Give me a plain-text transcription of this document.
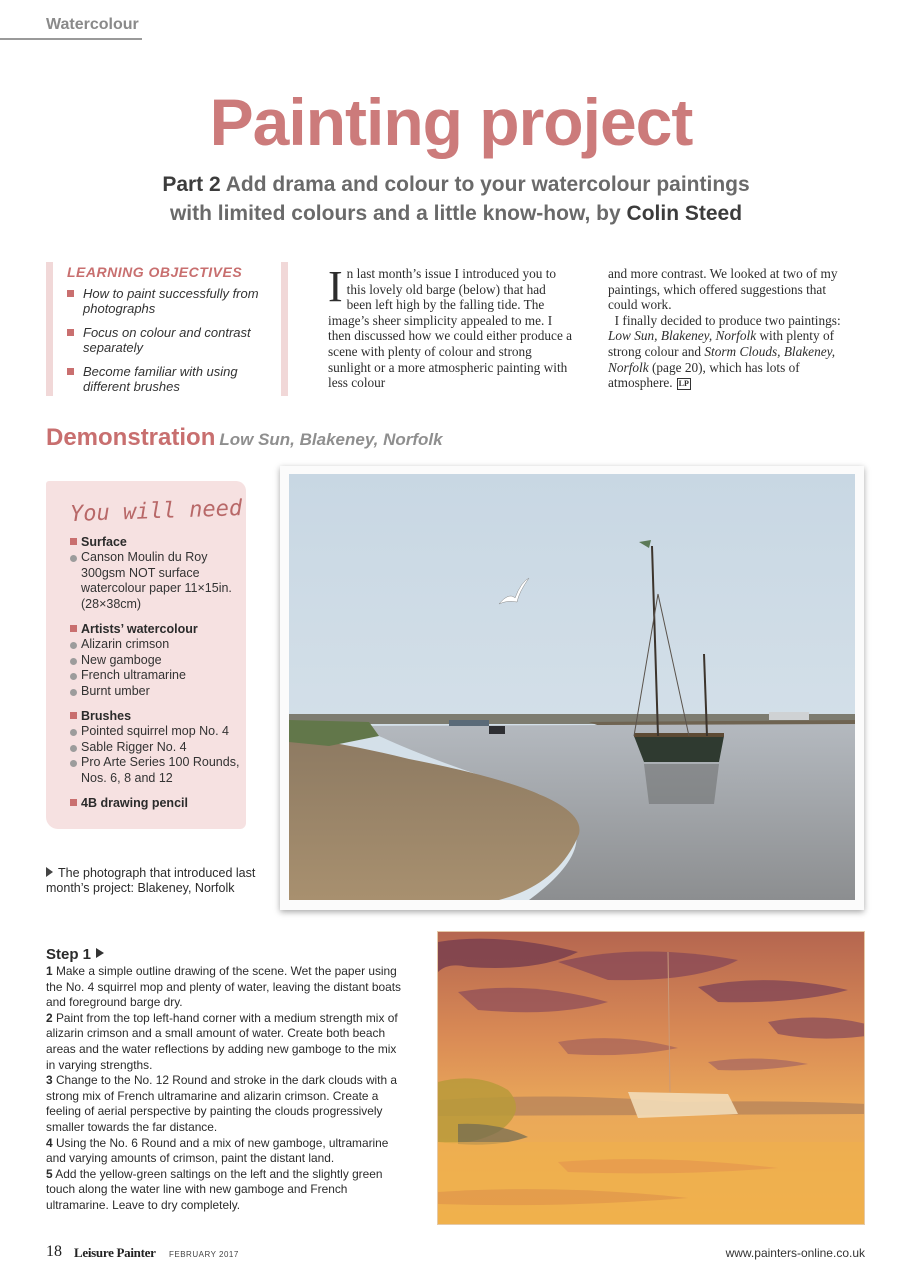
Watercolour
Painting project
Part 2 Add drama and colour to your watercolour paintings
with limited colours and a little know-how, by Colin Steed
LEARNING OBJECTIVES
How to paint successfully from photographs
Focus on colour and contrast separately
Become familiar with using different brushes
In last month’s issue I introduced you to this lovely old barge (below) that had been left high by the falling tide. The image’s sheer simplicity appealed to me. I then discussed how we could either produce a scene with plenty of colour and strong sunlight or a more atmospheric painting with less colour
and more contrast. We looked at two of my paintings, which offered suggestions that could work.
I finally decided to produce two paintings: Low Sun, Blakeney, Norfolk with plenty of strong colour and Storm Clouds, Blakeney, Norfolk (page 20), which has lots of atmosphere. LP
Demonstration Low Sun, Blakeney, Norfolk
You will need
Surface
Canson Moulin du Roy 300gsm NOT surface watercolour paper 11×15in. (28×38cm)
Artists’ watercolour
Alizarin crimson
New gamboge
French ultramarine
Burnt umber
Brushes
Pointed squirrel mop No. 4
Sable Rigger No. 4
Pro Arte Series 100 Rounds, Nos. 6, 8 and 12
4B drawing pencil
The photograph that introduced last month’s project: Blakeney, Norfolk
Step 1
1 Make a simple outline drawing of the scene. Wet the paper using the No. 4 squirrel mop and plenty of water, leaving the distant boats and foreground barge dry.
2 Paint from the top left-hand corner with a medium strength mix of alizarin crimson and a small amount of water. Create both beach areas and the water reflections by adding new gamboge to the mix in varying strengths.
3 Change to the No. 12 Round and stroke in the dark clouds with a strong mix of French ultramarine and alizarin crimson. Create a feeling of aerial perspective by painting the clouds progressively smaller towards the far distance.
4 Using the No. 6 Round and a mix of new gamboge, ultramarine and varying amounts of crimson, paint the distant land.
5 Add the yellow-green saltings on the left and the slightly green touch along the water line with new gamboge and French ultramarine. Leave to dry completely.
18 Leisure Painter FEBRUARY 2017	www.painters-online.co.uk
